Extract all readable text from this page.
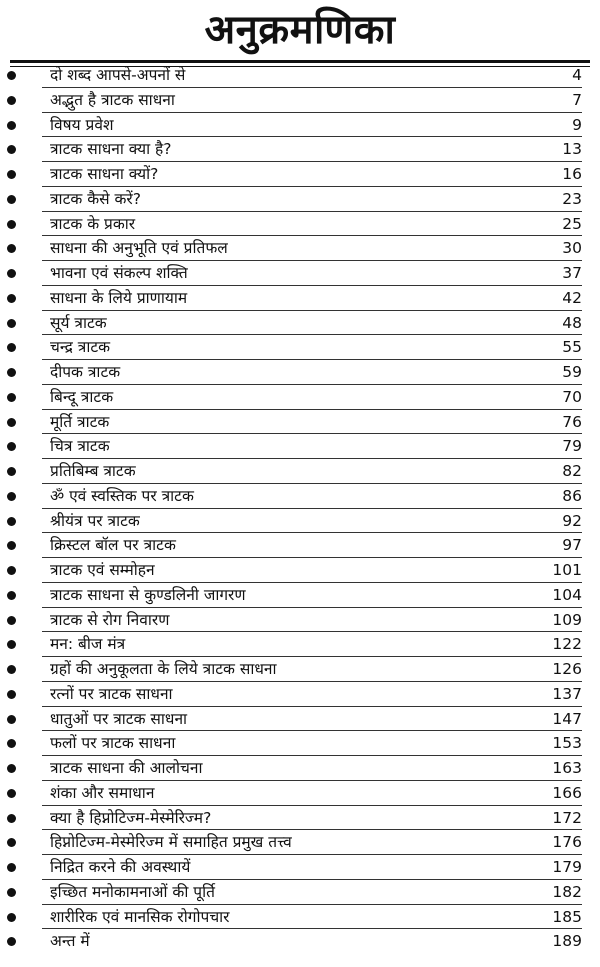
अनुक्रमणिका
दो शब्द आपसे-अपनों से	4
अद्भुत है त्राटक साधना	7
विषय प्रवेश	9
त्राटक साधना क्या है?	13
त्राटक साधना क्यों?	16
त्राटक कैसे करें?	23
त्राटक के प्रकार	25
साधना की अनुभूति एवं प्रतिफल	30
भावना एवं संकल्प शक्ति	37
साधना के लिये प्राणायाम	42
सूर्य त्राटक	48
चन्द्र त्राटक	55
दीपक त्राटक	59
बिन्दू त्राटक	70
मूर्ति त्राटक	76
चित्र त्राटक	79
प्रतिबिम्ब त्राटक	82
ॐ एवं स्वस्तिक पर त्राटक	86
श्रीयंत्र पर त्राटक	92
क्रिस्टल बॉल पर त्राटक	97
त्राटक एवं सम्मोहन	101
त्राटक साधना से कुण्डलिनी जागरण	104
त्राटक से रोग निवारण	109
मन: बीज मंत्र	122
ग्रहों की अनुकूलता के लिये त्राटक साधना	126
रत्नों पर त्राटक साधना	137
धातुओं पर त्राटक साधना	147
फलों पर त्राटक साधना	153
त्राटक साधना की आलोचना	163
शंका और समाधान	166
क्या है हिप्नोटिज्म-मेस्मेरिज्म?	172
हिप्नोटिज्म-मेस्मेरिज्म में समाहित प्रमुख तत्त्व	176
निद्रित करने की अवस्थायें	179
इच्छित मनोकामनाओं की पूर्ति	182
शारीरिक एवं मानसिक रोगोपचार	185
अन्त में	189
